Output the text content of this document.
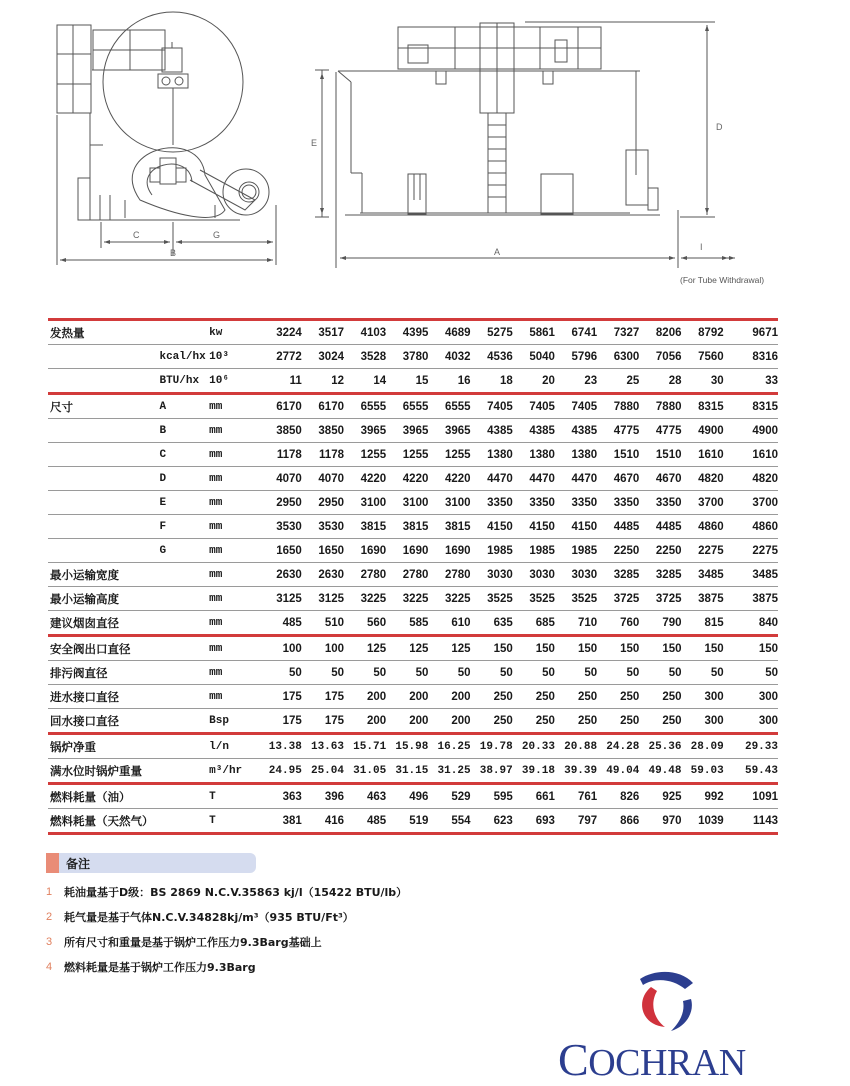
C	G
B
E
A
D
I
(For Tube Withdrawal)
发热量		kw	3224	3517	4103	4395	4689	5275	5861	6741	7327	8206	8792	9671
	kcal/hx	10³	2772	3024	3528	3780	4032	4536	5040	5796	6300	7056	7560	8316
	BTU/hx	10⁶	11	12	14	15	16	18	20	23	25	28	30	33
尺寸	A	mm	6170	6170	6555	6555	6555	7405	7405	7405	7880	7880	8315	8315
	B	mm	3850	3850	3965	3965	3965	4385	4385	4385	4775	4775	4900	4900
	C	mm	1178	1178	1255	1255	1255	1380	1380	1380	1510	1510	1610	1610
	D	mm	4070	4070	4220	4220	4220	4470	4470	4470	4670	4670	4820	4820
	E	mm	2950	2950	3100	3100	3100	3350	3350	3350	3350	3350	3700	3700
	F	mm	3530	3530	3815	3815	3815	4150	4150	4150	4485	4485	4860	4860
	G	mm	1650	1650	1690	1690	1690	1985	1985	1985	2250	2250	2275	2275
最小运输宽度		mm	2630	2630	2780	2780	2780	3030	3030	3030	3285	3285	3485	3485
最小运输高度		mm	3125	3125	3225	3225	3225	3525	3525	3525	3725	3725	3875	3875
建议烟囱直径		mm	485	510	560	585	610	635	685	710	760	790	815	840
安全阀出口直径		mm	100	100	125	125	125	150	150	150	150	150	150	150
排污阀直径		mm	50	50	50	50	50	50	50	50	50	50	50	50
进水接口直径		mm	175	175	200	200	200	250	250	250	250	250	300	300
回水接口直径		Bsp	175	175	200	200	200	250	250	250	250	250	300	300
锅炉净重		l/n	13.38	13.63	15.71	15.98	16.25	19.78	20.33	20.88	24.28	25.36	28.09	29.33
满水位时锅炉重量		m³/hr	24.95	25.04	31.05	31.15	31.25	38.97	39.18	39.39	49.04	49.48	59.03	59.43
燃料耗量（油）		T	363	396	463	496	529	595	661	761	826	925	992	1091
燃料耗量（天然气）		T	381	416	485	519	554	623	693	797	866	970	1039	1143
备注
1	耗油量基于D级：BS 2869 N.C.V.35863 kj/l（15422 BTU/lb）
2	耗气量是基于气体N.C.V.34828kj/m³（935 BTU/Ft³）
3	所有尺寸和重量是基于锅炉工作压力9.3Barg基础上
4	燃料耗量是基于锅炉工作压力9.3Barg
COCHRAN
